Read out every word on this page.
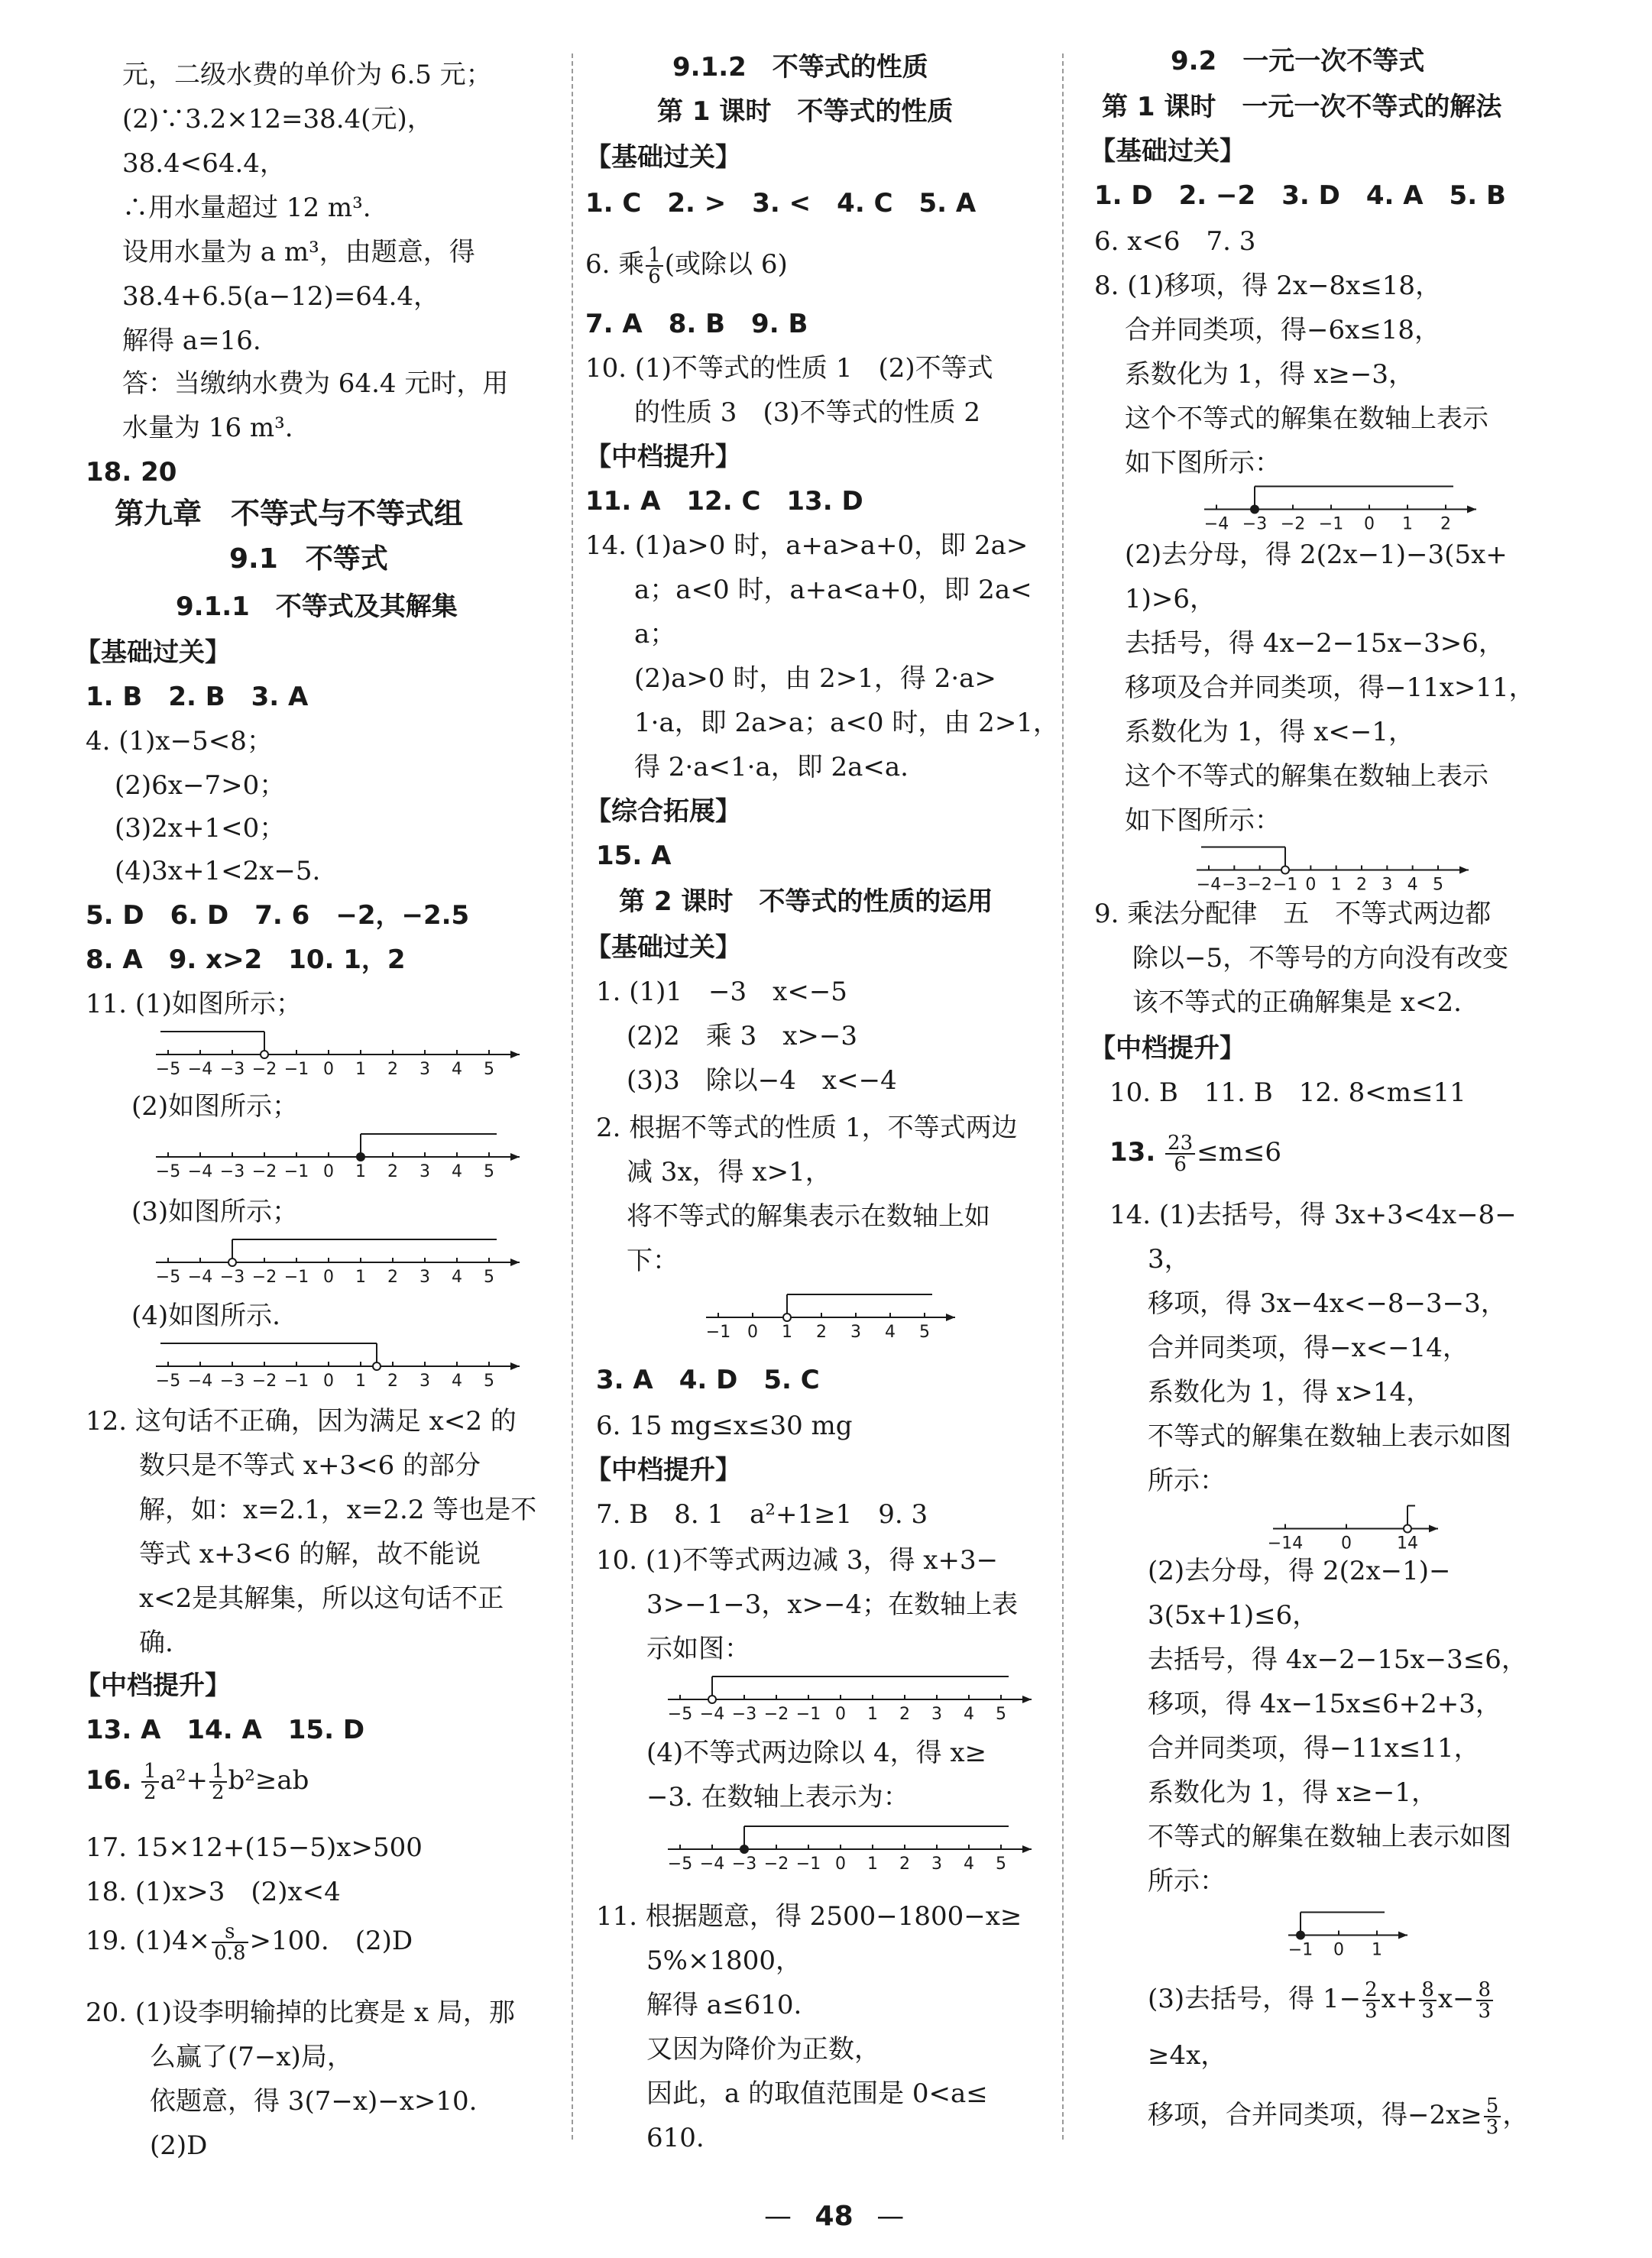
元，二级水费的单价为 6.5 元；
(2)∵3.2×12=38.4(元)，
38.4<64.4，
∴用水量超过 12 m³.
设用水量为 a m³，由题意，得
38.4+6.5(a−12)=64.4，
解得 a=16.
答：当缴纳水费为 64.4 元时，用
水量为 16 m³.
18. 20
第九章　不等式与不等式组
9.1　不等式
9.1.1　不等式及其解集
【基础过关】
1. B　2. B　3. A
4. (1)x−5<8；
(2)6x−7>0；
(3)2x+1<0；
(4)3x+1<2x−5.
5. D　6. D　7. 6　−2，−2.5
8. A　9. x>2　10. 1，2
11. (1)如图所示；
−5 −4 −3 −2 −1 0 1 2 3 4 5
(2)如图所示；
−5 −4 −3 −2 −1 0 1 2 3 4 5
(3)如图所示；
−5 −4 −3 −2 −1 0 1 2 3 4 5
(4)如图所示.
−5 −4 −3 −2 −1 0 1 2 3 4 5
12. 这句话不正确，因为满足 x<2 的
数只是不等式 x+3<6 的部分
解，如：x=2.1，x=2.2 等也是不
等式 x+3<6 的解，故不能说
x<2是其解集，所以这句话不正
确.
【中档提升】
13. A　14. A　15. D
16. $\frac{1}{2} a^2+ \frac{1}{2} b^2\ge ab$
17. 15×12+(15−5)x>500
18. (1)x>3　(2)x<4
19. $(1)4\times \frac{s}{0.8} >100$.　(2)D
20. (1)设李明输掉的比赛是 x 局，那
么赢了(7−x)局，
依题意，得 3(7−x)−x>10.
(2)D
9.1.2　不等式的性质
第 1 课时　不等式的性质
【基础过关】
1. C　2. >　3. <　4. C　5. A
6. 乘 $\frac{1}{6}$ (或除以 6)
7. A　8. B　9. B
10. (1)不等式的性质 1　(2)不等式
的性质 3　(3)不等式的性质 2
【中档提升】
11. A　12. C　13. D
14. (1)a>0 时，a+a>a+0，即 2a>
a；a<0 时，a+a<a+0，即 2a<
a；
(2)a>0 时，由 2>1，得 2·a>
1·a，即 2a>a；a<0 时，由 2>1，
得 2·a<1·a，即 2a<a.
【综合拓展】
15. A
第 2 课时　不等式的性质的运用
【基础过关】
1. (1)1　−3　x<−5
(2)2　乘 3　x>−3
(3)3　除以−4　x<−4
2. 根据不等式的性质 1，不等式两边
减 3x，得 x>1，
将不等式的解集表示在数轴上如
下：
−1 0 1 2 3 4 5
3. A　4. D　5. C
6. 15 mg≤x≤30 mg
【中档提升】
7. B　8. 1　a²+1≥1　9. 3
10. (1)不等式两边减 3，得 x+3−
3>−1−3，x>−4；在数轴上表
示如图：
−5 −4 −3 −2 −1 0 1 2 3 4 5
(4)不等式两边除以 4，得 x≥
−3. 在数轴上表示为：
−5 −4 −3 −2 −1 0 1 2 3 4 5
11. 根据题意，得 2500−1800−x≥
5%×1800，
解得 a≤610.
又因为降价为正数，
因此，a 的取值范围是 0<a≤
610.
9.2　一元一次不等式
第 1 课时　一元一次不等式的解法
【基础过关】
1. D　2. −2　3. D　4. A　5. B
6. x<6　7. 3
8. (1)移项，得 2x−8x≤18，
合并同类项，得−6x≤18，
系数化为 1，得 x≥−3，
这个不等式的解集在数轴上表示
如下图所示：
−4 −3 −2 −1 0 1 2
(2)去分母，得 2(2x−1)−3(5x+
1)>6，
去括号，得 4x−2−15x−3>6，
移项及合并同类项，得−11x>11，
系数化为 1，得 x<−1，
这个不等式的解集在数轴上表示
如下图所示：
−4 −3 −2 −1 0 1 2 3 4 5
9. 乘法分配律　五　不等式两边都
除以−5，不等号的方向没有改变
该不等式的正确解集是 x<2.
【中档提升】
10. B　11. B　12. 8<m≤11
13. $\frac{23}{6} \le m\le 6$
14. (1)去括号，得 3x+3<4x−8−
3，
移项，得 3x−4x<−8−3−3，
合并同类项，得−x<−14，
系数化为 1，得 x>14，
不等式的解集在数轴上表示如图
所示：
−14 0	14
(2)去分母，得 2(2x−1)−
3(5x+1)≤6，
去括号，得 4x−2−15x−3≤6，
移项，得 4x−15x≤6+2+3，
合并同类项，得−11x≤11，
系数化为 1，得 x≥−1，
不等式的解集在数轴上表示如图
所示：
−1 0 1
(3)去括号，得 $1- \frac{2}{3} x+ \frac{8}{3} x- \frac{8}{3}$
≥4x，
移项，合并同类项，得$-2x\ge \frac{5}{3}$ ，
— 48 —
